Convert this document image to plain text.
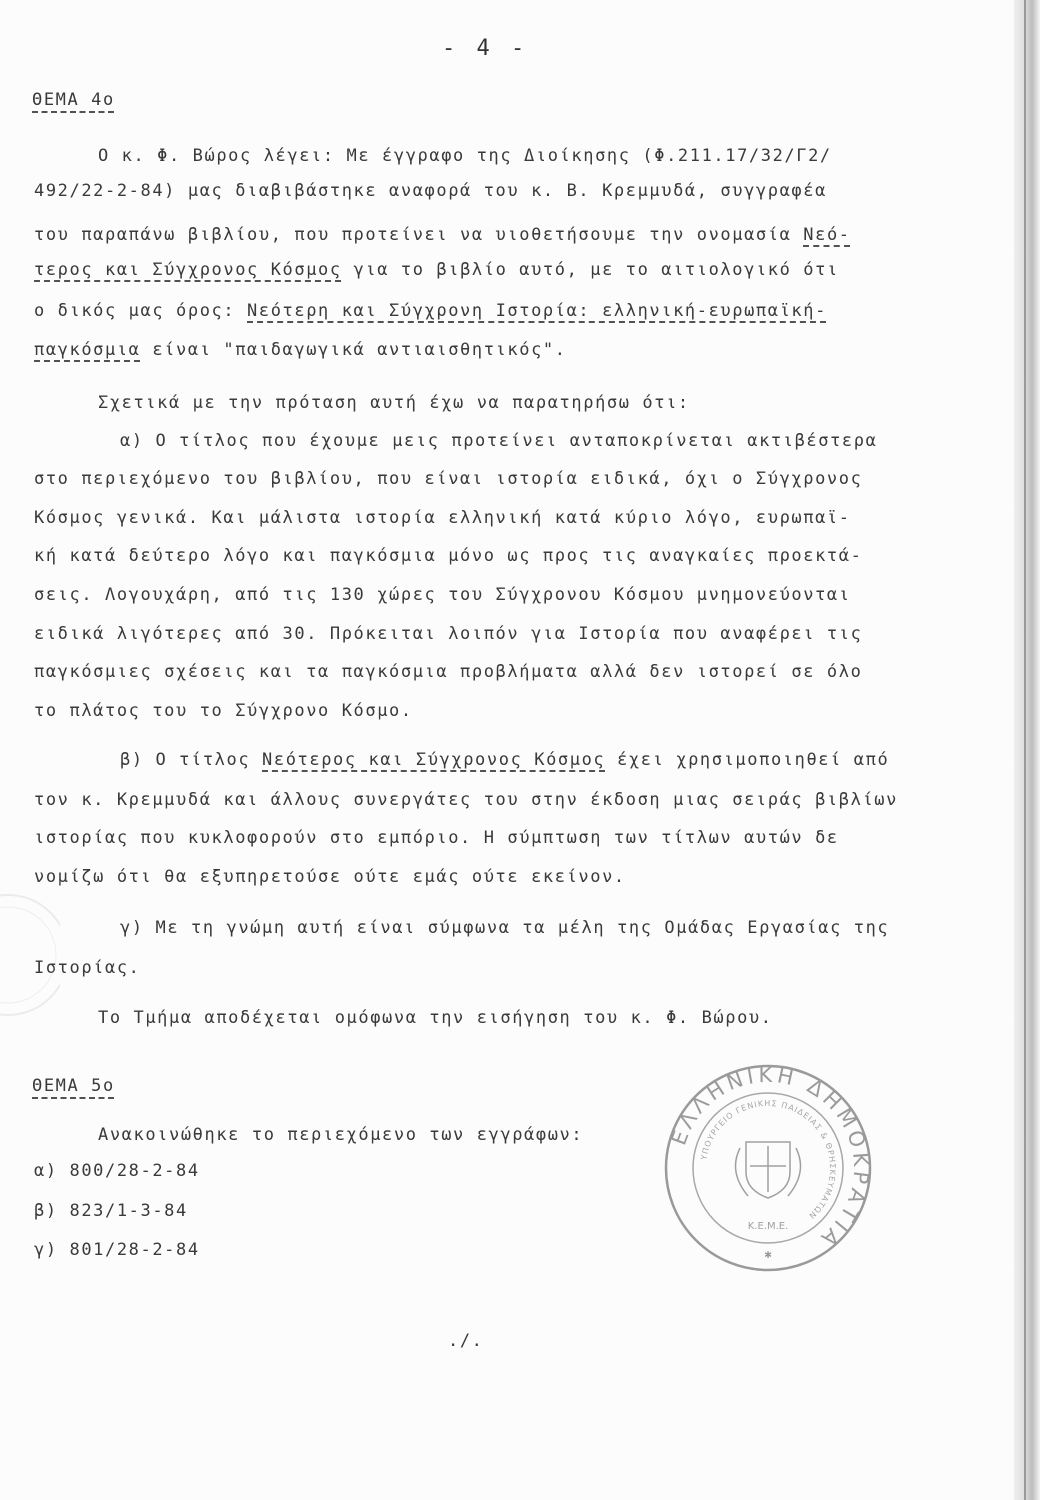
- 4 -
ΘΕΜΑ 4ο
Ο κ. Φ. Βώρος λέγει: Με έγγραφο της Διοίκησης (Φ.211.17/32/Γ2/
492/22-2-84) μας διαβιβάστηκε αναφορά του κ. Β. Κρεμμυδά, συγγραφέα
του παραπάνω βιβλίου, που προτείνει να υιοθετήσουμε την ονομασία Νεό-
τερος και Σύγχρονος Κόσμος για το βιβλίο αυτό, με το αιτιολογικό ότι
ο δικός μας όρος: Νεότερη και Σύγχρονη Ιστορία: ελληνική-ευρωπαϊκή-
παγκόσμια είναι "παιδαγωγικά αντιαισθητικός".
Σχετικά με την πρόταση αυτή έχω να παρατηρήσω ότι:
α) Ο τίτλος που έχουμε μεις προτείνει ανταποκρίνεται ακτιβέστερα
στο περιεχόμενο του βιβλίου, που είναι ιστορία ειδικά, όχι ο Σύγχρονος
Κόσμος γενικά. Και μάλιστα ιστορία ελληνική κατά κύριο λόγο, ευρωπαϊ-
κή κατά δεύτερο λόγο και παγκόσμια μόνο ως προς τις αναγκαίες προεκτά-
σεις. Λογουχάρη, από τις 130 χώρες του Σύγχρονου Κόσμου μνημονεύονται
ειδικά λιγότερες από 30. Πρόκειται λοιπόν για Ιστορία που αναφέρει τις
παγκόσμιες σχέσεις και τα παγκόσμια προβλήματα αλλά δεν ιστορεί σε όλο
το πλάτος του το Σύγχρονο Κόσμο.
β) Ο τίτλος Νεότερος και Σύγχρονος Κόσμος έχει χρησιμοποιηθεί από
τον κ. Κρεμμυδά και άλλους συνεργάτες του στην έκδοση μιας σειράς βιβλίων
ιστορίας που κυκλοφορούν στο εμπόριο. Η σύμπτωση των τίτλων αυτών δε
νομίζω ότι θα εξυπηρετούσε ούτε εμάς ούτε εκείνον.
γ) Με τη γνώμη αυτή είναι σύμφωνα τα μέλη της Ομάδας Εργασίας της
Ιστορίας.
Το Τμήμα αποδέχεται ομόφωνα την εισήγηση του κ. Φ. Βώρου.
ΘΕΜΑ 5ο
Ανακοινώθηκε το περιεχόμενο των εγγράφων:
α) 800/28-2-84
β) 823/1-3-84
γ) 801/28-2-84
./.
ΕΛΛΗΝΙΚΗ ΔΗΜΟΚΡΑΤΙΑ
ΥΠΟΥΡΓΕΙΟ ΓΕΝΙΚΗΣ ΠΑΙΔΕΙΑΣ & ΘΡΗΣΚΕΥΜΑΤΩΝ
Κ.Ε.Μ.Ε.
✱
